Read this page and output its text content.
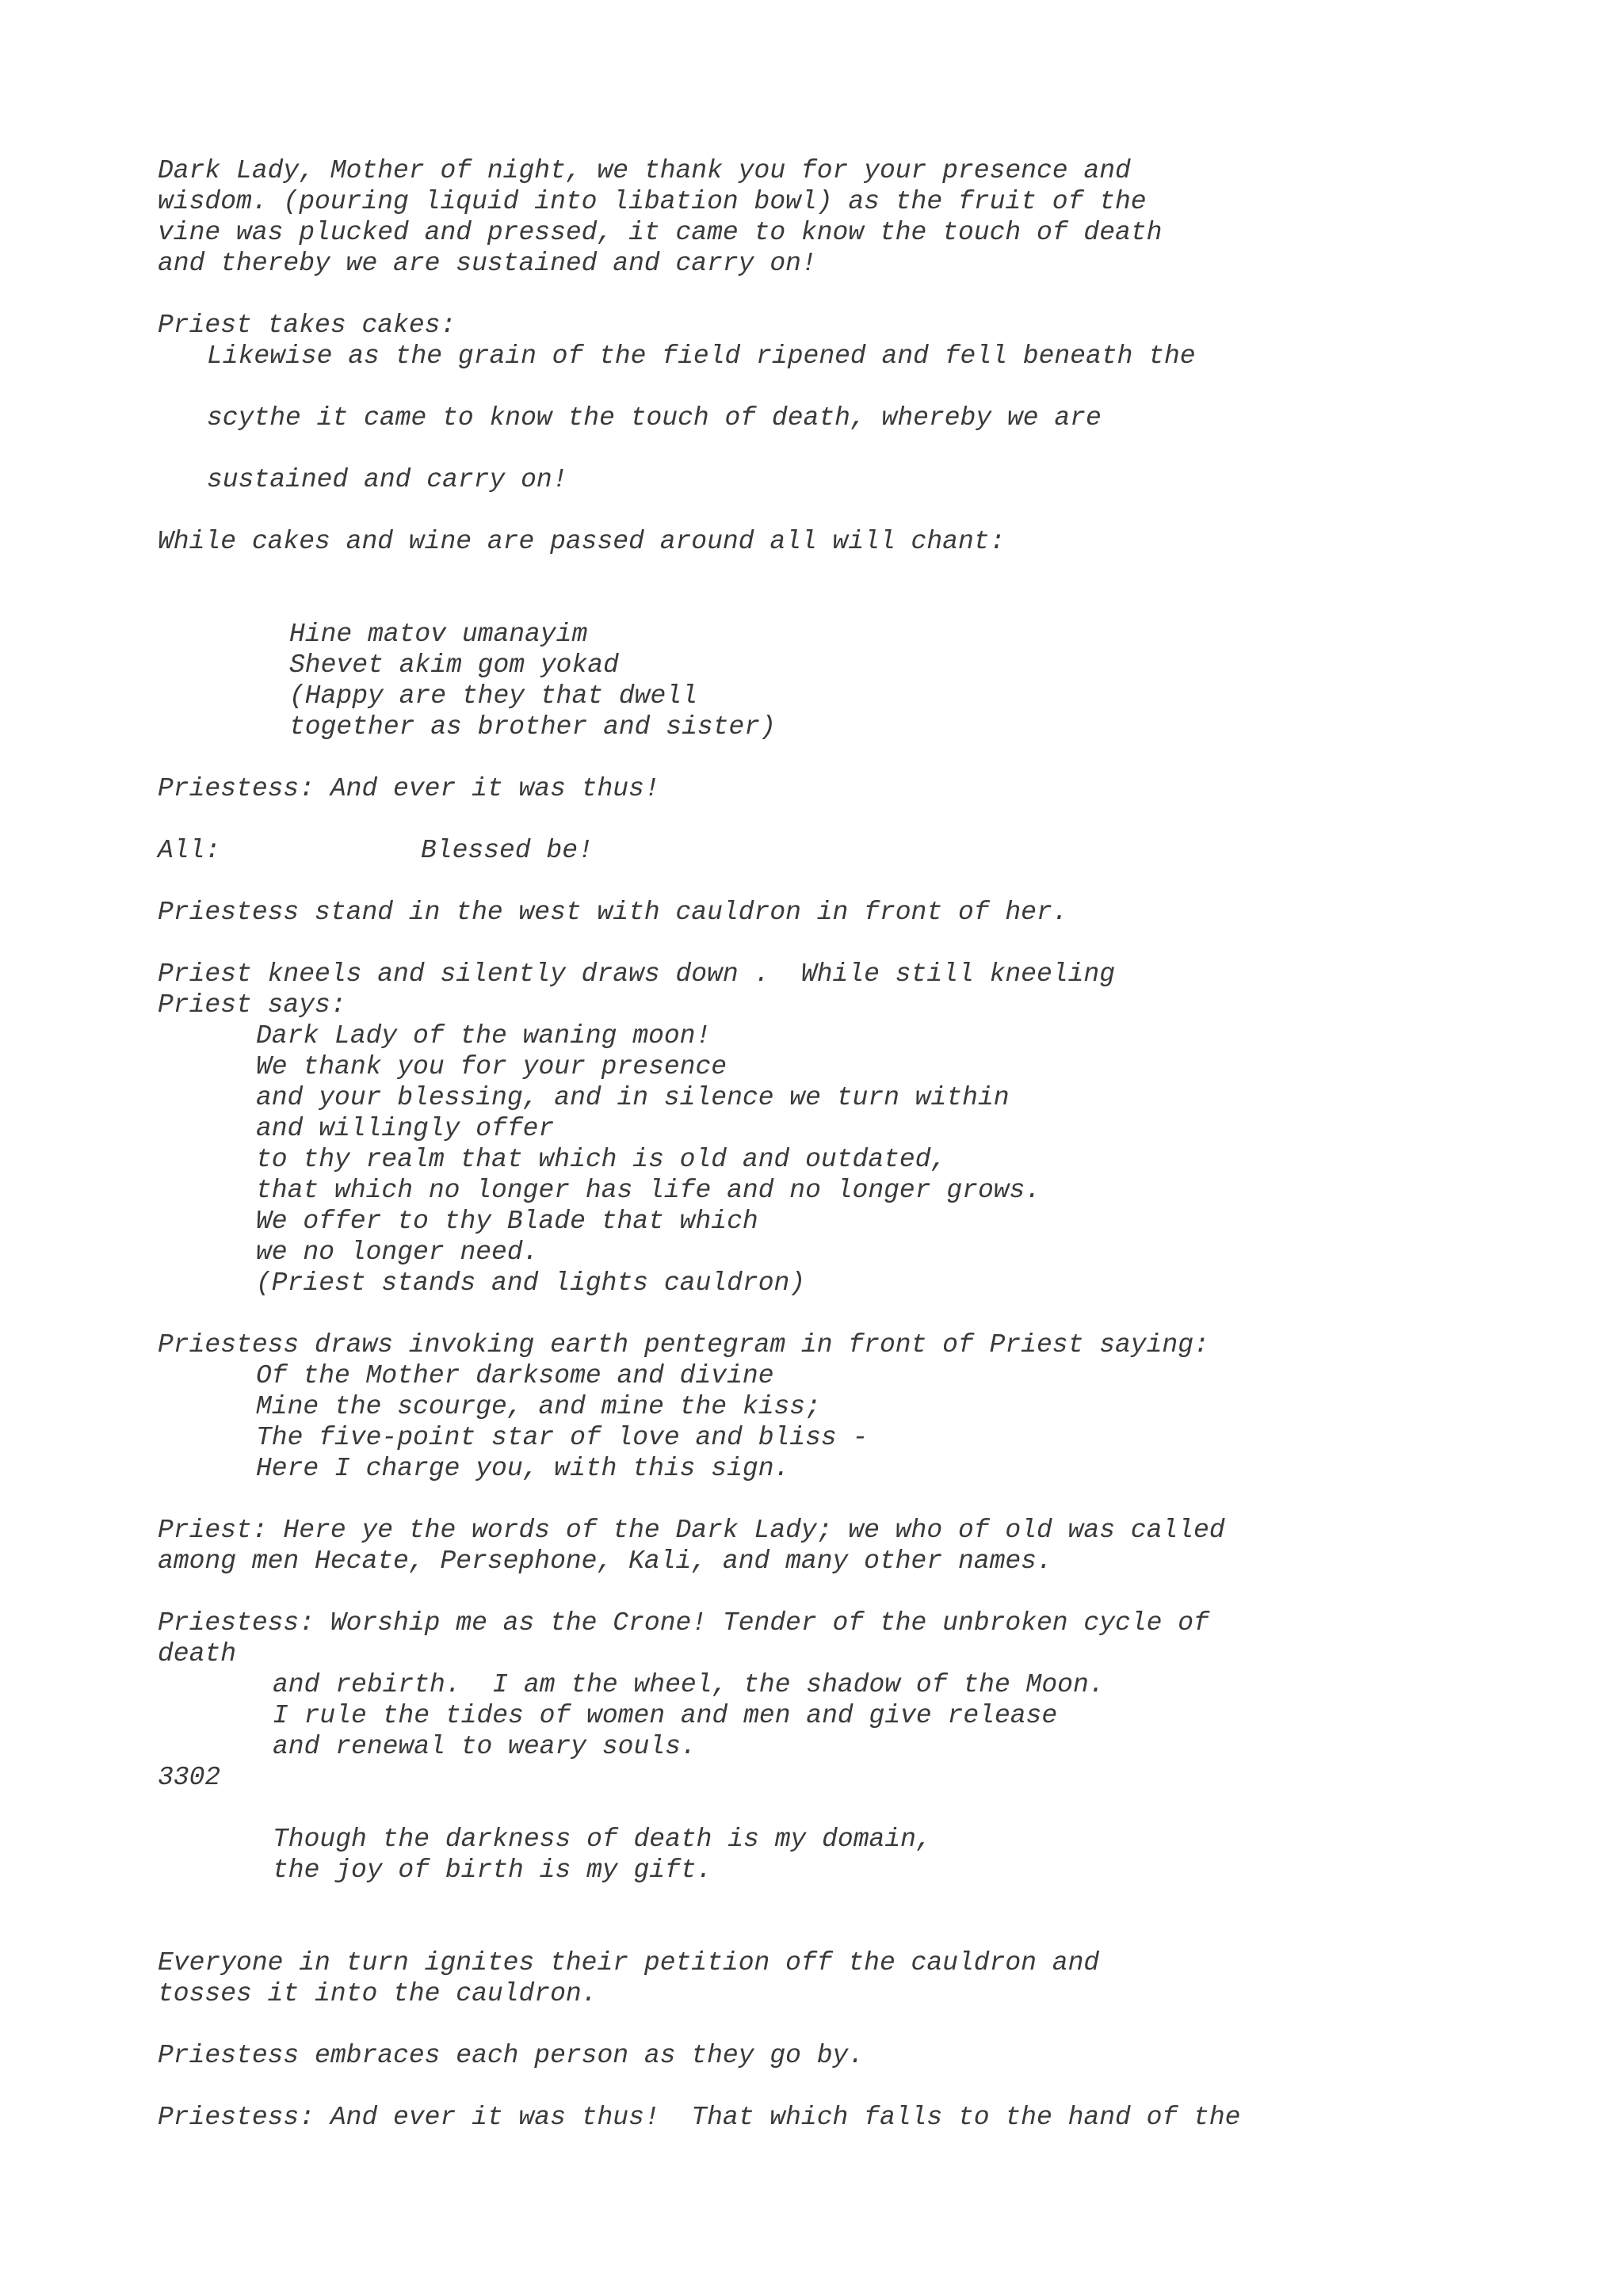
Dark Lady, Mother of night, we thank you for your presence and

wisdom. (pouring liquid into libation bowl) as the fruit of the

vine was plucked and pressed, it came to know the touch of death

and thereby we are sustained and carry on!

Priest takes cakes:

Likewise as the grain of the field ripened and fell beneath the

scythe it came to know the touch of death, whereby we are

sustained and carry on!

While cakes and wine are passed around all will chant:

Hine matov umanayim

Shevet akim gom yokad

(Happy are they that dwell

together as brother and sister)

Priestess: And ever it was thus!

All:	Blessed be!

Priestess stand in the west with cauldron in front of her.

Priest kneels and silently draws down .  While still kneeling

Priest says:

Dark Lady of the waning moon!

We thank you for your presence

and your blessing, and in silence we turn within

and willingly offer

to thy realm that which is old and outdated,

that which no longer has life and no longer grows.

We offer to thy Blade that which

we no longer need.

(Priest stands and lights cauldron)

Priestess draws invoking earth pentegram in front of Priest saying:

Of the Mother darksome and divine

Mine the scourge, and mine the kiss;

The five-point star of love and bliss -

Here I charge you, with this sign.

Priest: Here ye the words of the Dark Lady; we who of old was called

among men Hecate, Persephone, Kali, and many other names.

Priestess: Worship me as the Crone! Tender of the unbroken cycle of

death

and rebirth.  I am the wheel, the shadow of the Moon.

I rule the tides of women and men and give release

and renewal to weary souls.

3302

Though the darkness of death is my domain,

the joy of birth is my gift.

Everyone in turn ignites their petition off the cauldron and

tosses it into the cauldron.

Priestess embraces each person as they go by.

Priestess: And ever it was thus!  That which falls to the hand of the
